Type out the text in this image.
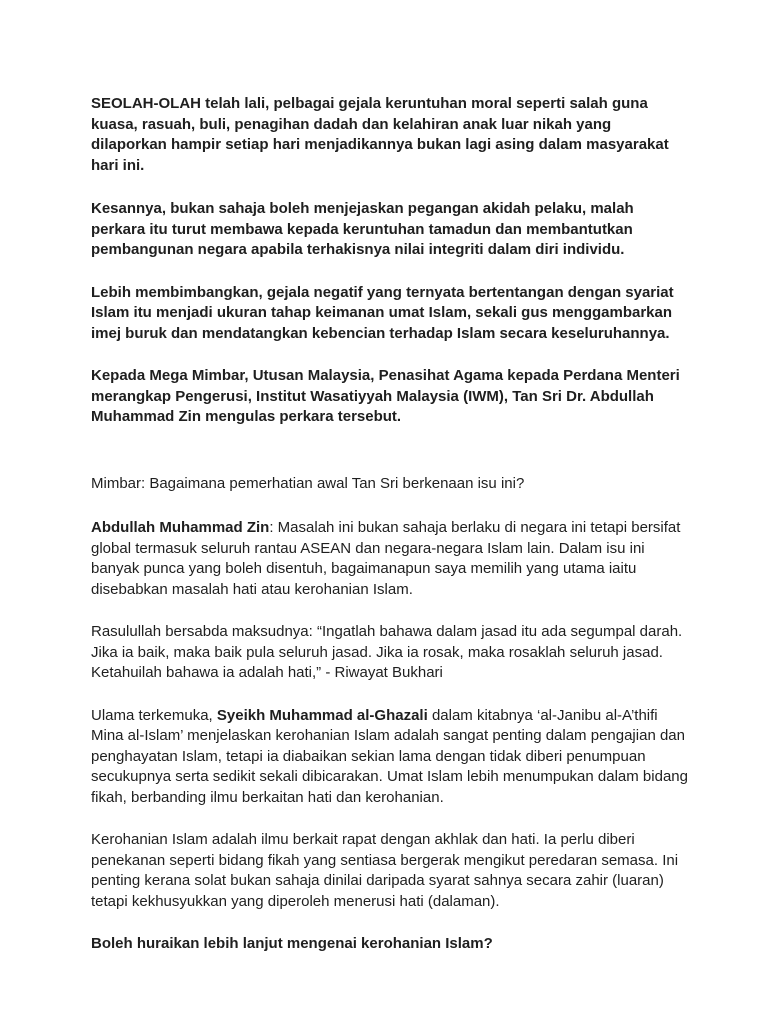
SEOLAH-OLAH telah lali, pelbagai gejala keruntuhan moral seperti salah guna kuasa, rasuah, buli, penagihan dadah dan kelahiran anak luar nikah yang dilaporkan hampir setiap hari menjadikannya bukan lagi asing dalam masyarakat hari ini.

Kesannya, bukan sahaja boleh menjejaskan pegangan akidah pelaku, malah perkara itu turut membawa kepada keruntuhan tamadun dan membantutkan pembangunan negara apabila terhakisnya nilai integriti dalam diri individu.

Lebih membimbangkan, gejala negatif yang ternyata bertentangan dengan syariat Islam itu menjadi ukuran tahap keimanan umat Islam, sekali gus menggambarkan imej buruk dan mendatangkan kebencian terhadap Islam secara keseluruhannya.

Kepada Mega Mimbar, Utusan Malaysia, Penasihat Agama kepada Perdana Menteri merangkap Pengerusi, Institut Wasatiyyah Malaysia (IWM), Tan Sri Dr. Abdullah Muhammad Zin mengulas perkara tersebut.

Mimbar: Bagaimana pemerhatian awal Tan Sri berkenaan isu ini?

Abdullah Muhammad Zin: Masalah ini bukan sahaja berlaku di negara ini tetapi bersifat global termasuk seluruh rantau ASEAN dan negara-negara Islam lain. Dalam isu ini banyak punca yang boleh disentuh, bagaimanapun saya memilih yang utama iaitu disebabkan masalah hati atau kerohanian Islam.

Rasulullah bersabda maksudnya: “Ingatlah bahawa dalam jasad itu ada segumpal darah. Jika ia baik, maka baik pula seluruh jasad. Jika ia rosak, maka rosaklah seluruh jasad. Ketahuilah bahawa ia adalah hati,” - Riwayat Bukhari

Ulama terkemuka, Syeikh Muhammad al-Ghazali dalam kitabnya ‘al-Janibu al-A’thifi Mina al-Islam’ menjelaskan kerohanian Islam adalah sangat penting dalam pengajian dan penghayatan Islam, tetapi ia diabaikan sekian lama dengan tidak diberi penumpuan secukupnya serta sedikit sekali dibicarakan. Umat Islam lebih menumpukan dalam bidang fikah, berbanding ilmu berkaitan hati dan kerohanian.

Kerohanian Islam adalah ilmu berkait rapat dengan akhlak dan hati. Ia perlu diberi penekanan seperti bidang fikah yang sentiasa bergerak mengikut peredaran semasa. Ini penting kerana solat bukan sahaja dinilai daripada syarat sahnya secara zahir (luaran) tetapi kekhusyukkan yang diperoleh menerusi hati (dalaman).

Boleh huraikan lebih lanjut mengenai kerohanian Islam?
